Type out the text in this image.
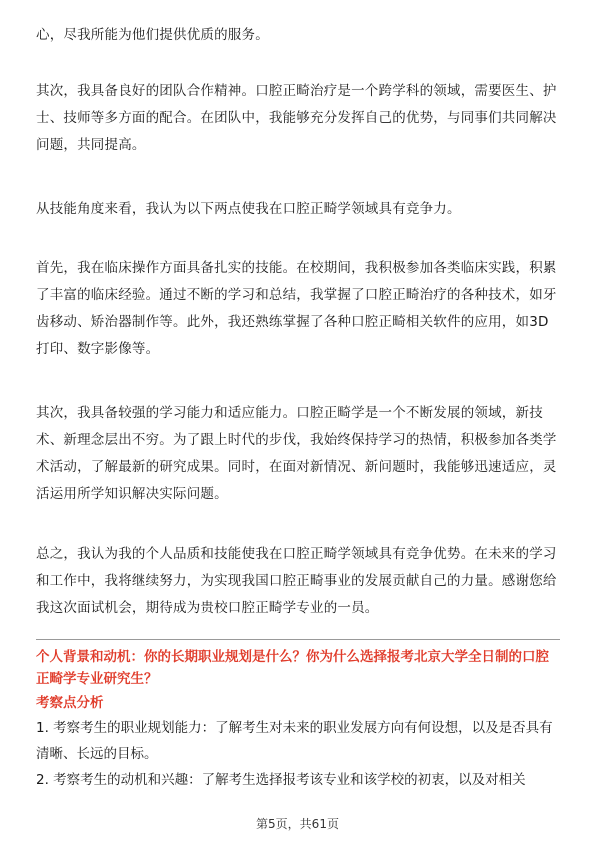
心，尽我所能为他们提供优质的服务。

其次，我具备良好的团队合作精神。口腔正畸治疗是一个跨学科的领域，需要医生、护士、技师等多方面的配合。在团队中，我能够充分发挥自己的优势，与同事们共同解决问题，共同提高。

从技能角度来看，我认为以下两点使我在口腔正畸学领域具有竞争力。

首先，我在临床操作方面具备扎实的技能。在校期间，我积极参加各类临床实践，积累了丰富的临床经验。通过不断的学习和总结，我掌握了口腔正畸治疗的各种技术，如牙齿移动、矫治器制作等。此外，我还熟练掌握了各种口腔正畸相关软件的应用，如3D打印、数字影像等。

其次，我具备较强的学习能力和适应能力。口腔正畸学是一个不断发展的领域，新技术、新理念层出不穷。为了跟上时代的步伐，我始终保持学习的热情，积极参加各类学术活动，了解最新的研究成果。同时，在面对新情况、新问题时，我能够迅速适应，灵活运用所学知识解决实际问题。

总之，我认为我的个人品质和技能使我在口腔正畸学领域具有竞争优势。在未来的学习和工作中，我将继续努力，为实现我国口腔正畸事业的发展贡献自己的力量。感谢您给我这次面试机会，期待成为贵校口腔正畸学专业的一员。

个人背景和动机：你的长期职业规划是什么？你为什么选择报考北京大学全日制的口腔正畸学专业研究生？

考察点分析

1. 考察考生的职业规划能力：了解考生对未来的职业发展方向有何设想，以及是否具有清晰、长远的目标。
2. 考察考生的动机和兴趣：了解考生选择报考该专业和该学校的初衷，以及对相关
第5页，共61页
